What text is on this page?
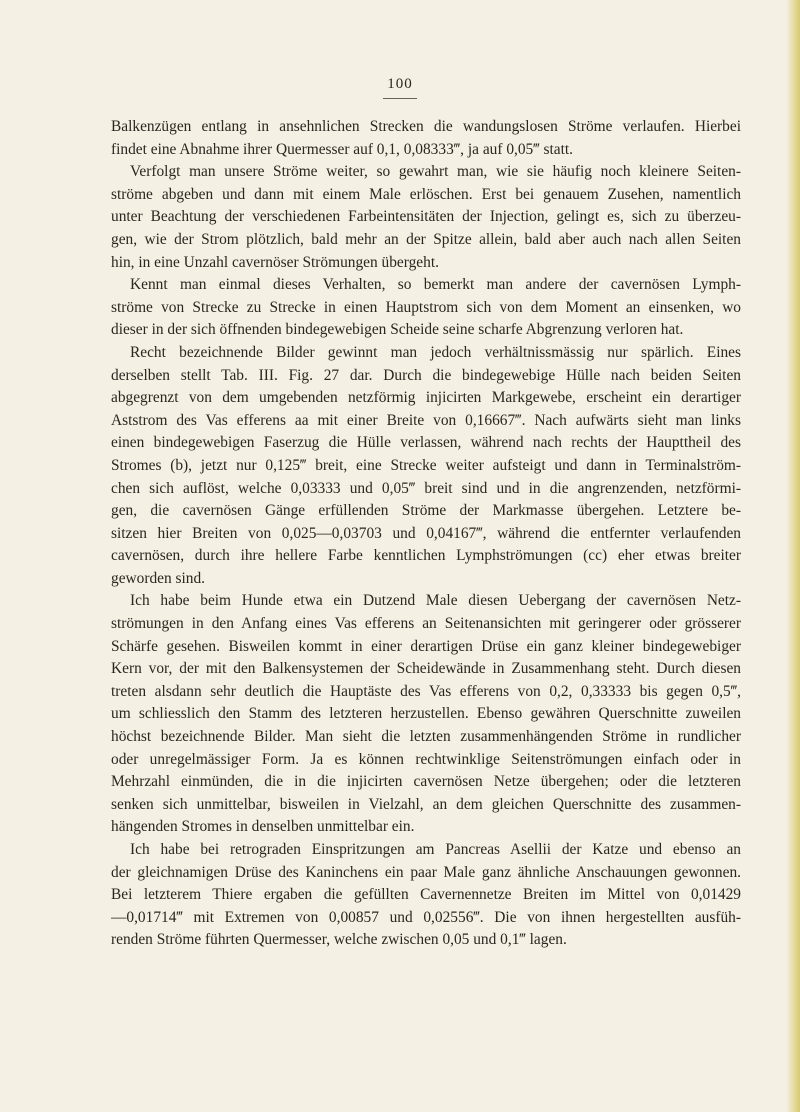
100
Balkenzügen entlang in ansehnlichen Strecken die wandungslosen Ströme verlaufen. Hierbei
findet eine Abnahme ihrer Quermesser auf 0,1, 0,08333‴, ja auf 0,05‴ statt.
Verfolgt man unsere Ströme weiter, so gewahrt man, wie sie häufig noch kleinere Seiten-
ströme abgeben und dann mit einem Male erlöschen. Erst bei genauem Zusehen, namentlich
unter Beachtung der verschiedenen Farbeintensitäten der Injection, gelingt es, sich zu überzeu-
gen, wie der Strom plötzlich, bald mehr an der Spitze allein, bald aber auch nach allen Seiten
hin, in eine Unzahl cavernöser Strömungen übergeht.
Kennt man einmal dieses Verhalten, so bemerkt man andere der cavernösen Lymph-
ströme von Strecke zu Strecke in einen Hauptstrom sich von dem Moment an einsenken, wo
dieser in der sich öffnenden bindegewebigen Scheide seine scharfe Abgrenzung verloren hat.
Recht bezeichnende Bilder gewinnt man jedoch verhältnissmässig nur spärlich. Eines
derselben stellt Tab. III. Fig. 27 dar. Durch die bindegewebige Hülle nach beiden Seiten
abgegrenzt von dem umgebenden netzförmig injicirten Markgewebe, erscheint ein derartiger
Aststrom des Vas efferens aa mit einer Breite von 0,16667‴. Nach aufwärts sieht man links
einen bindegewebigen Faserzug die Hülle verlassen, während nach rechts der Haupttheil des
Stromes (b), jetzt nur 0,125‴ breit, eine Strecke weiter aufsteigt und dann in Terminalström-
chen sich auflöst, welche 0,03333 und 0,05‴ breit sind und in die angrenzenden, netzförmi-
gen, die cavernösen Gänge erfüllenden Ströme der Markmasse übergehen. Letztere be-
sitzen hier Breiten von 0,025—0,03703 und 0,04167‴, während die entfernter verlaufenden
cavernösen, durch ihre hellere Farbe kenntlichen Lymphströmungen (cc) eher etwas breiter
geworden sind.
Ich habe beim Hunde etwa ein Dutzend Male diesen Uebergang der cavernösen Netz-
strömungen in den Anfang eines Vas efferens an Seitenansichten mit geringerer oder grösserer
Schärfe gesehen. Bisweilen kommt in einer derartigen Drüse ein ganz kleiner bindegewebiger
Kern vor, der mit den Balkensystemen der Scheidewände in Zusammenhang steht. Durch diesen
treten alsdann sehr deutlich die Hauptäste des Vas efferens von 0,2, 0,33333 bis gegen 0,5‴,
um schliesslich den Stamm des letzteren herzustellen. Ebenso gewähren Querschnitte zuweilen
höchst bezeichnende Bilder. Man sieht die letzten zusammenhängenden Ströme in rundlicher
oder unregelmässiger Form. Ja es können rechtwinklige Seitenströmungen einfach oder in
Mehrzahl einmünden, die in die injicirten cavernösen Netze übergehen; oder die letzteren
senken sich unmittelbar, bisweilen in Vielzahl, an dem gleichen Querschnitte des zusammen-
hängenden Stromes in denselben unmittelbar ein.
Ich habe bei retrograden Einspritzungen am Pancreas Asellii der Katze und ebenso an
der gleichnamigen Drüse des Kaninchens ein paar Male ganz ähnliche Anschauungen gewonnen.
Bei letzterem Thiere ergaben die gefüllten Cavernennetze Breiten im Mittel von 0,01429
—0,01714‴ mit Extremen von 0,00857 und 0,02556‴. Die von ihnen hergestellten ausfüh-
renden Ströme führten Quermesser, welche zwischen 0,05 und 0,1‴ lagen.
